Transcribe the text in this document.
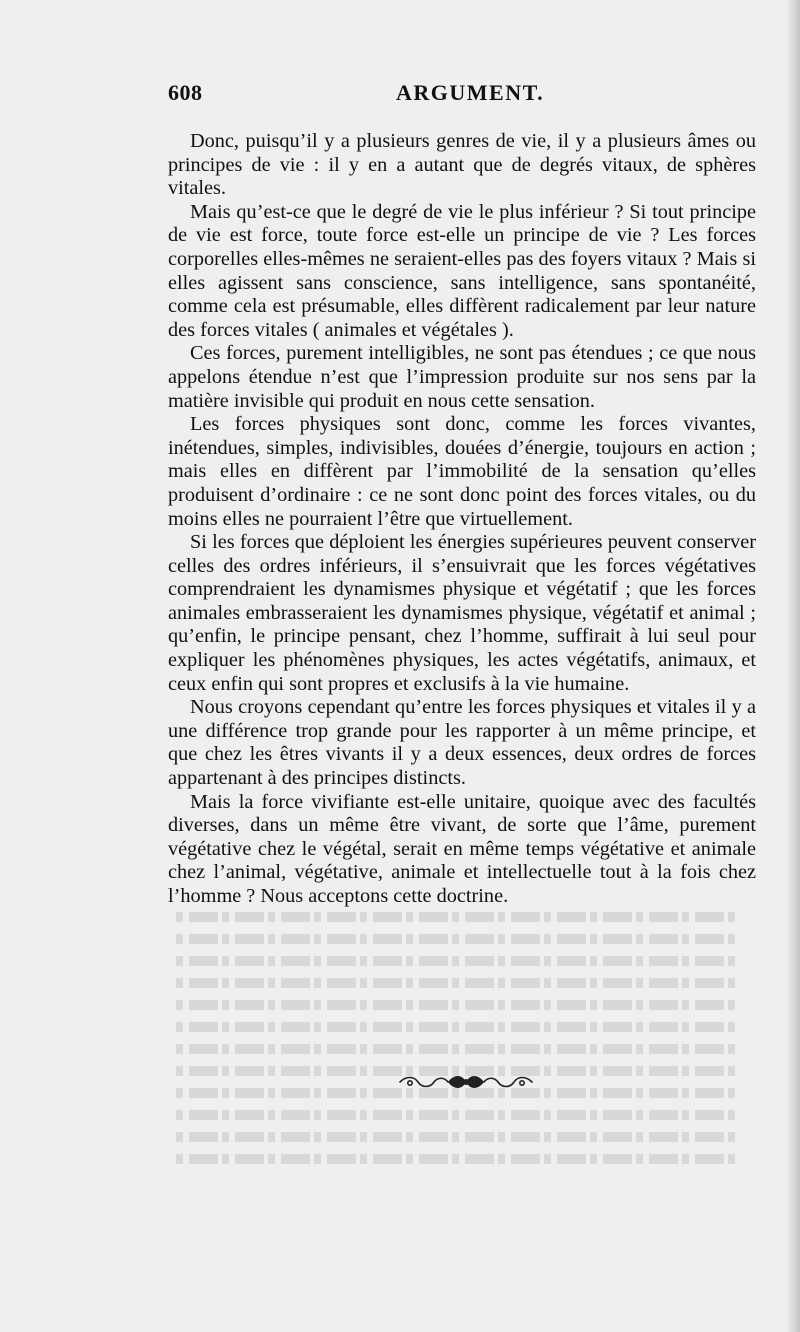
608	ARGUMENT.

Donc, puisqu’il y a plusieurs genres de vie, il y a plusieurs âmes ou principes de vie : il y en a autant que de degrés vitaux, de sphères vitales.

Mais qu’est-ce que le degré de vie le plus inférieur ? Si tout principe de vie est force, toute force est-elle un principe de vie ? Les forces corporelles elles-mêmes ne seraient-elles pas des foyers vitaux ? Mais si elles agissent sans conscience, sans intelligence, sans spontanéité, comme cela est présumable, elles diffèrent radicalement par leur nature des forces vitales ( animales et végétales ).

Ces forces, purement intelligibles, ne sont pas étendues ; ce que nous appelons étendue n’est que l’impression produite sur nos sens par la matière invisible qui produit en nous cette sensation.

Les forces physiques sont donc, comme les forces vivantes, inétendues, simples, indivisibles, douées d’énergie, toujours en action ; mais elles en diffèrent par l’immobilité de la sensation qu’elles produisent d’ordinaire : ce ne sont donc point des forces vitales, ou du moins elles ne pourraient l’être que virtuellement.

Si les forces que déploient les énergies supérieures peuvent conserver celles des ordres inférieurs, il s’ensuivrait que les forces végétatives comprendraient les dynamismes physique et végétatif ; que les forces animales embrasseraient les dynamismes physique, végétatif et animal ; qu’enfin, le principe pensant, chez l’homme, suffirait à lui seul pour expliquer les phénomènes physiques, les actes végétatifs, animaux, et ceux enfin qui sont propres et exclusifs à la vie humaine.

Nous croyons cependant qu’entre les forces physiques et vitales il y a une différence trop grande pour les rapporter à un même principe, et que chez les êtres vivants il y a deux essences, deux ordres de forces appartenant à des principes distincts.

Mais la force vivifiante est-elle unitaire, quoique avec des facultés diverses, dans un même être vivant, de sorte que l’âme, purement végétative chez le végétal, serait en même temps végétative et animale chez l’animal, végétative, animale et intellectuelle tout à la fois chez l’homme ? Nous acceptons cette doctrine.
